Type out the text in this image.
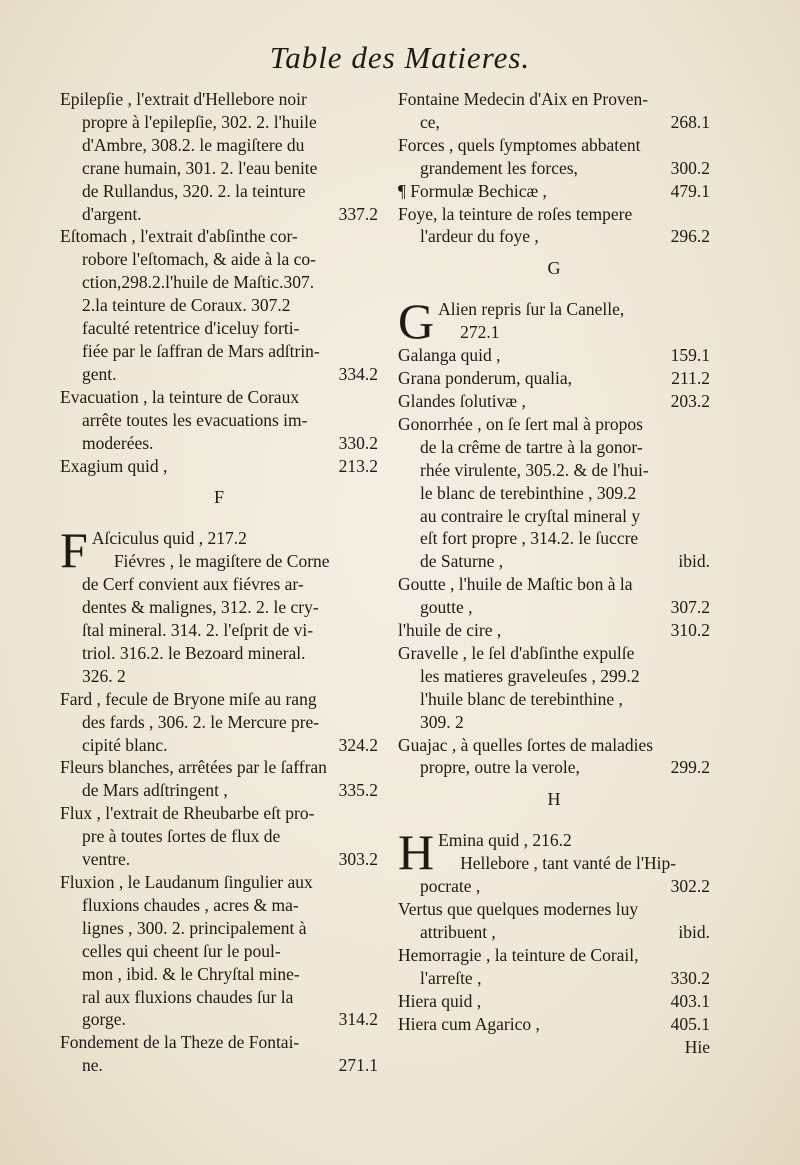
Table des Matieres.
Epilepſie , l'extrait d'Hellebore noir
propre à l'epilepſie, 302. 2. l'huile
d'Ambre, 308.2. le magiſtere du
crane humain, 301. 2. l'eau benite
de Rullandus, 320. 2. la teinture
d'argent.	337.2
Eſtomach , l'extrait d'abſinthe cor-
robore l'eſtomach, & aide à la co-
ction,298.2.l'huile de Maſtic.307.
2.la teinture de Coraux. 307.2
faculté retentrice d'iceluy forti-
fiée par le ſaffran de Mars adſtrin-
gent.	334.2
Evacuation , la teinture de Coraux
arrête toutes les evacuations im-
moderées.	330.2
Exagium quid ,	213.2
F
F Aſciculus quid , 217.2
Fiévres , le magiſtere de Corne
de Cerf convient aux fiévres ar-
dentes & malignes, 312. 2. le cry-
ſtal mineral. 314. 2. l'eſprit de vi-
triol. 316.2. le Bezoard mineral.
326. 2
Fard , fecule de Bryone miſe au rang
des fards , 306. 2. le Mercure pre-
cipité blanc.	324.2
Fleurs blanches, arrêtées par le ſaffran
de Mars adſtringent ,	335.2
Flux , l'extrait de Rheubarbe eſt pro-
pre à toutes ſortes de flux de
ventre.	303.2
Fluxion , le Laudanum ſingulier aux
fluxions chaudes , acres & ma-
lignes , 300. 2. principalement à
celles qui cheent ſur le poul-
mon , ibid. & le Chryſtal mine-
ral aux fluxions chaudes ſur la
gorge.	314.2
Fondement de la Theze de Fontai-
ne.	271.1
Fontaine Medecin d'Aix en Proven-
ce,	268.1
Forces , quels ſymptomes abbatent
grandement les forces,	300.2
¶ Formulæ Bechicæ ,	479.1
Foye, la teinture de roſes tempere
l'ardeur du foye ,	296.2
G
G Alien repris ſur la Canelle,
272.1
Galanga quid ,	159.1
Grana ponderum, qualia,	211.2
Glandes ſolutivæ ,	203.2
Gonorrhée , on ſe ſert mal à propos
de la crême de tartre à la gonor-
rhée virulente, 305.2. & de l'hui-
le blanc de terebinthine , 309.2
au contraire le cryſtal mineral y
eſt fort propre , 314.2. le ſuccre
de Saturne ,	ibid.
Goutte , l'huile de Maſtic bon à la
goutte ,	307.2
l'huile de cire ,	310.2
Gravelle , le ſel d'abſinthe expulſe
les matieres graveleuſes , 299.2
l'huile blanc de terebinthine ,
309. 2
Guajac , à quelles ſortes de maladies
propre, outre la verole,	299.2
H
H Emina quid , 216.2
Hellebore , tant vanté de l'Hip-
pocrate ,	302.2
Vertus que quelques modernes luy
attribuent ,	ibid.
Hemorragie , la teinture de Corail,
l'arreſte ,	330.2
Hiera quid ,	403.1
Hiera cum Agarico ,	405.1
Hie
